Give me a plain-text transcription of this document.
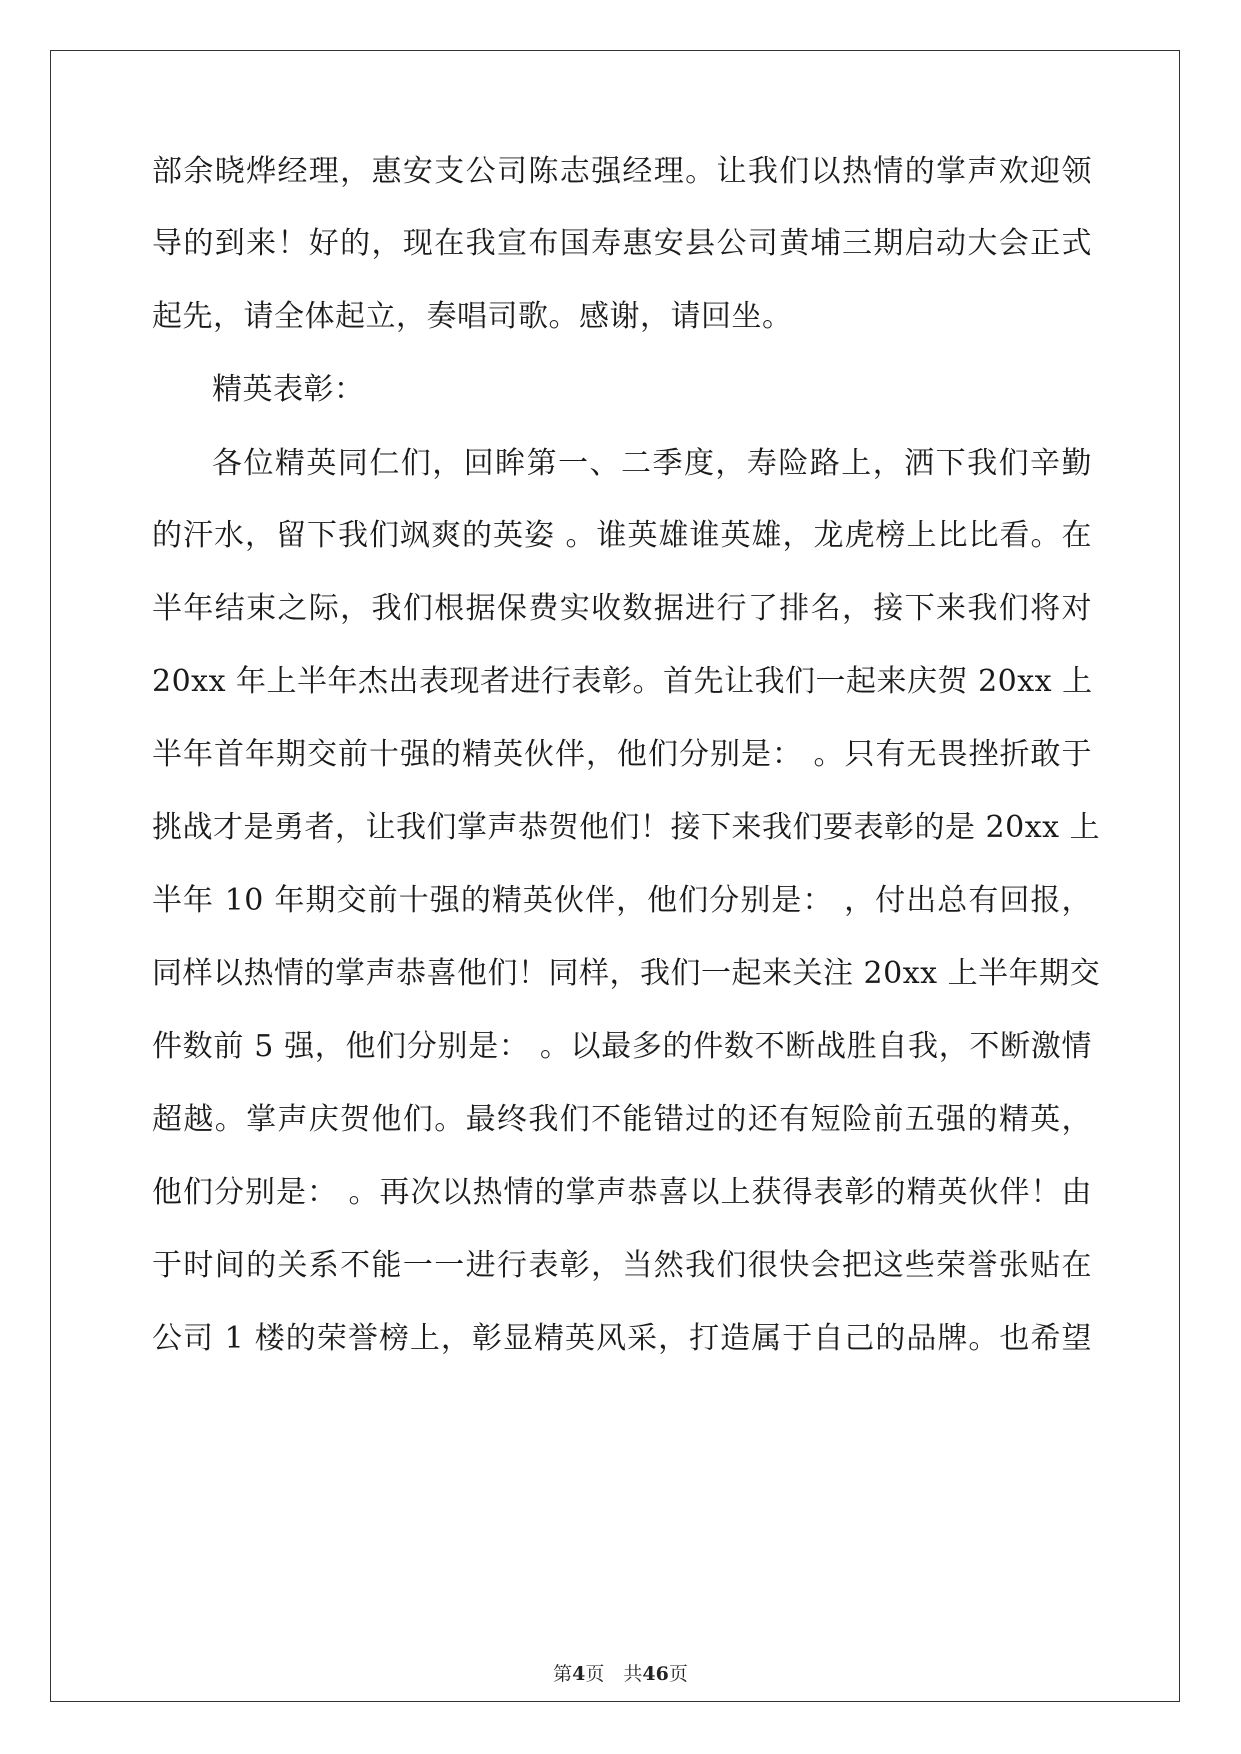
部余晓烨经理，惠安支公司陈志强经理。让我们以热情的掌声欢迎领
导的到来！好的，现在我宣布国寿惠安县公司黄埔三期启动大会正式
起先，请全体起立，奏唱司歌。感谢，请回坐。
精英表彰：
各位精英同仁们，回眸第一、二季度，寿险路上，洒下我们辛勤
的汗水，留下我们飒爽的英姿 。谁英雄谁英雄，龙虎榜上比比看。在
半年结束之际，我们根据保费实收数据进行了排名，接下来我们将对
20xx 年上半年杰出表现者进行表彰。首先让我们一起来庆贺 20xx 上
半年首年期交前十强的精英伙伴，他们分别是： 。只有无畏挫折敢于
挑战才是勇者，让我们掌声恭贺他们！接下来我们要表彰的是 20xx 上
半年 10 年期交前十强的精英伙伴，他们分别是： ，付出总有回报，
同样以热情的掌声恭喜他们！同样，我们一起来关注 20xx 上半年期交
件数前 5 强，他们分别是： 。以最多的件数不断战胜自我，不断激情
超越。掌声庆贺他们。最终我们不能错过的还有短险前五强的精英，
他们分别是： 。再次以热情的掌声恭喜以上获得表彰的精英伙伴！由
于时间的关系不能一一进行表彰，当然我们很快会把这些荣誉张贴在
公司 1 楼的荣誉榜上，彰显精英风采，打造属于自己的品牌。也希望
第4页　共46页
